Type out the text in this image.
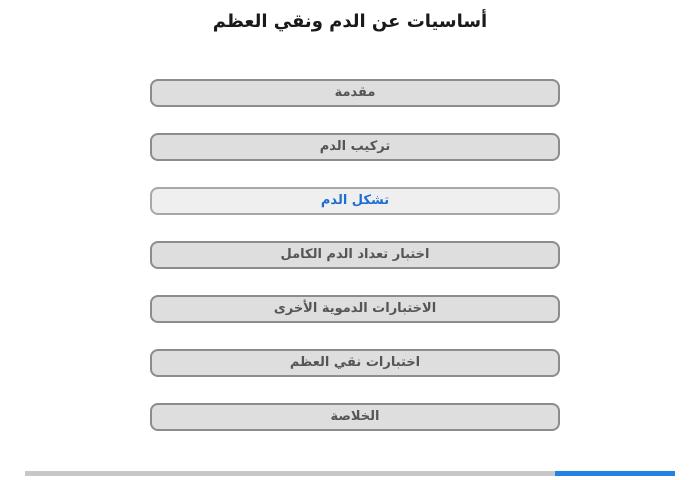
أساسيات عن الدم ونقي العظم
مقدمة
تركيب الدم
تشكل الدم
اختبار تعداد الدم الكامل
الاختبارات الدموية الأخرى
اختبارات نقي العظم
الخلاصة
